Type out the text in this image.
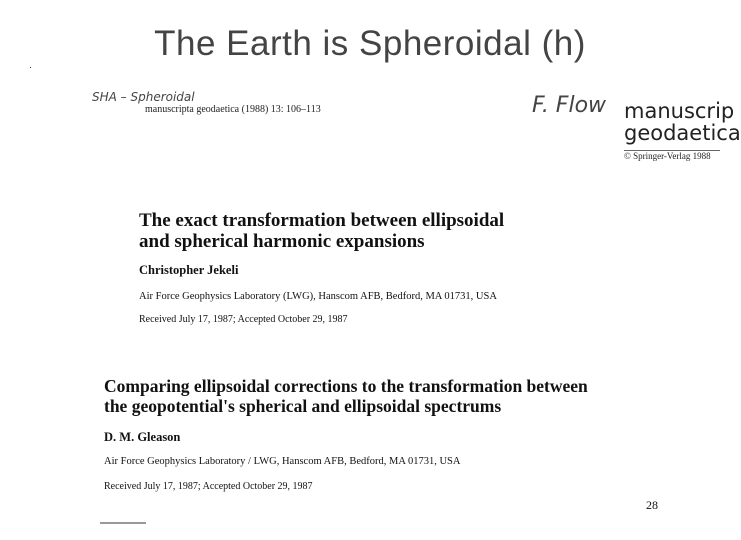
The Earth is Spheroidal (h)
SHA – Spheroidal
manuscripta geodaetica (1988) 13: 106–113	F. Flow manuscrip
geodaetica
© Springer-Verlag 1988
The exact transformation between ellipsoidal
and spherical harmonic expansions
Christopher Jekeli
Air Force Geophysics Laboratory (LWG), Hanscom AFB, Bedford, MA 01731, USA
Received July 17, 1987; Accepted October 29, 1987
Comparing ellipsoidal corrections to the transformation between
the geopotential's spherical and ellipsoidal spectrums
D. M. Gleason
Air Force Geophysics Laboratory / LWG, Hanscom AFB, Bedford, MA 01731, USA
Received July 17, 1987; Accepted October 29, 1987
28
